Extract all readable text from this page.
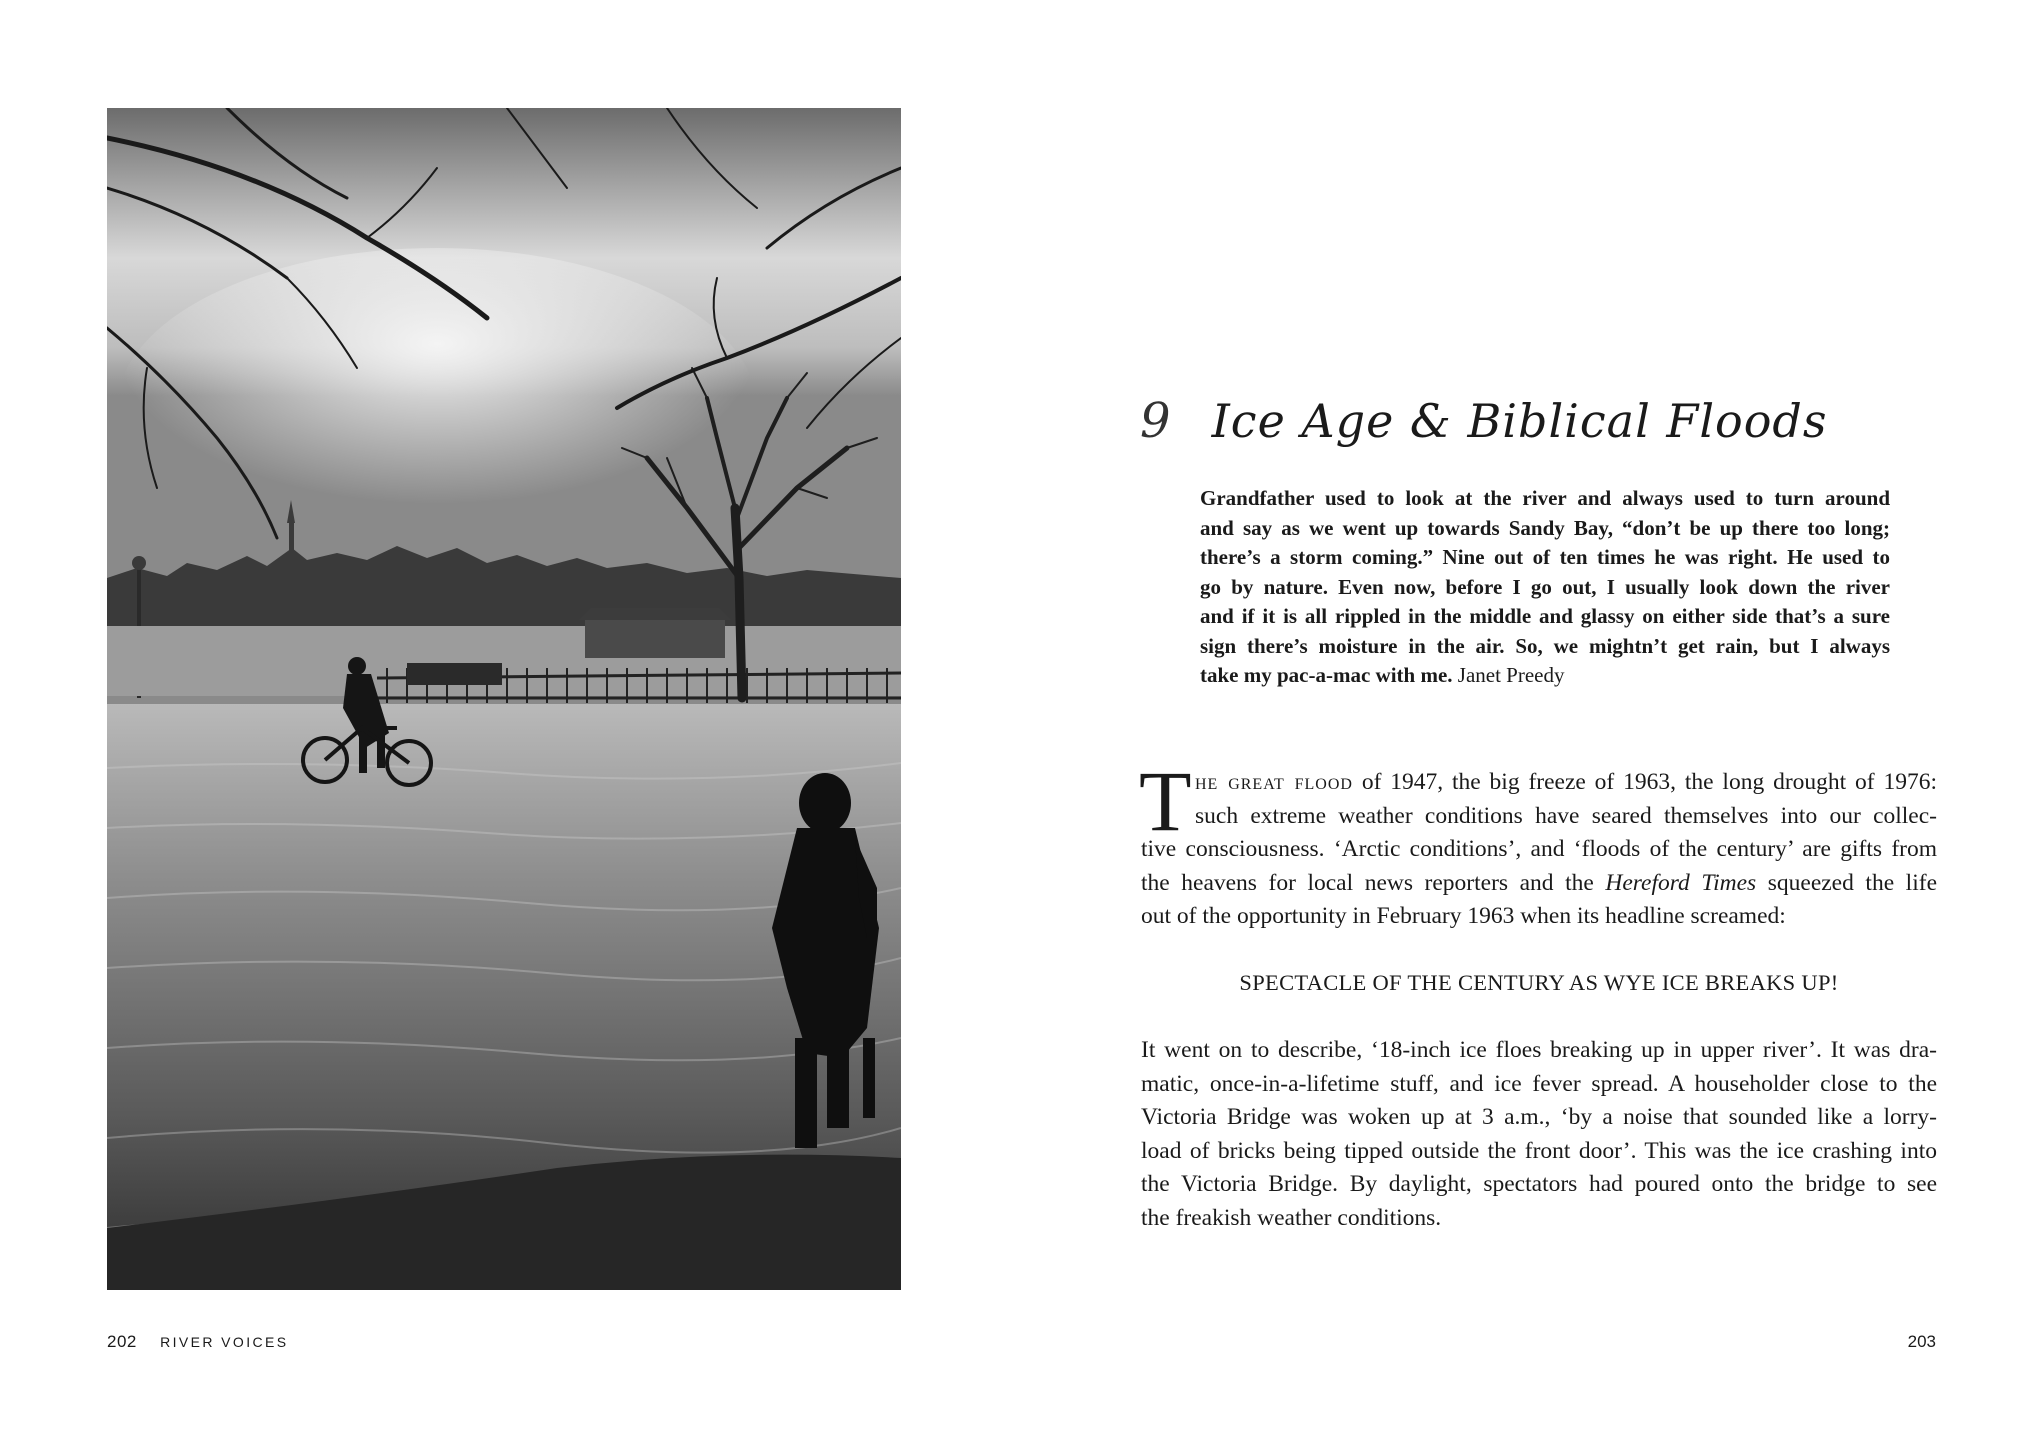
202 RIVER VOICES
9 Ice Age & Biblical Floods
Grandfather used to look at the river and always used to turn around
and say as we went up towards Sandy Bay, “don’t be up there too long;
there’s a storm coming.” Nine out of ten times he was right. He used to
go by nature. Even now, before I go out, I usually look down the river
and if it is all rippled in the middle and glassy on either side that’s a sure
sign there’s moisture in the air. So, we mightn’t get rain, but I always
take my pac-a-mac with me. Janet Preedy
T he great flood of 1947, the big freeze of 1963, the long drought of 1976:
such extreme weather conditions have seared themselves into our collec-
tive consciousness. ‘Arctic conditions’, and ‘floods of the century’ are gifts from
the heavens for local news reporters and the Hereford Times squeezed the life
out of the opportunity in February 1963 when its headline screamed:
SPECTACLE OF THE CENTURY AS WYE ICE BREAKS UP!
It went on to describe, ‘18-inch ice floes breaking up in upper river’. It was dra-
matic, once-in-a-lifetime stuff, and ice fever spread. A householder close to the
Victoria Bridge was woken up at 3 a.m., ‘by a noise that sounded like a lorry-
load of bricks being tipped outside the front door’. This was the ice crashing into
the Victoria Bridge. By daylight, spectators had poured onto the bridge to see
the freakish weather conditions.
203
